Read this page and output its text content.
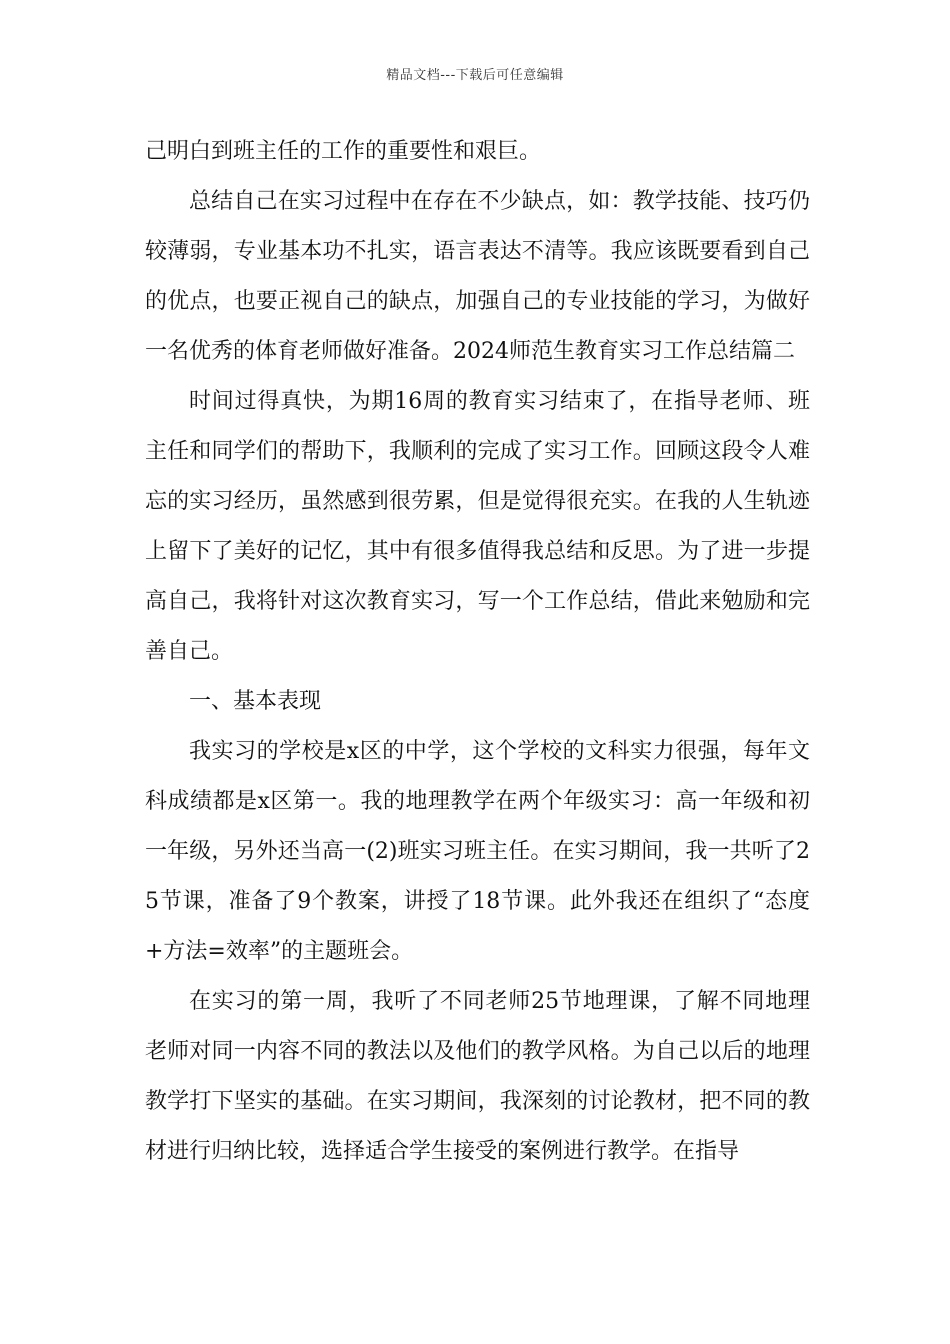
精品文档---下载后可任意编辑

己明白到班主任的工作的重要性和艰巨。

总结自己在实习过程中在存在不少缺点，如：教学技能、技巧仍较薄弱，专业基本功不扎实，语言表达不清等。我应该既要看到自己的优点，也要正视自己的缺点，加强自己的专业技能的学习，为做好一名优秀的体育老师做好准备。2024师范生教育实习工作总结篇二

时间过得真快，为期16周的教育实习结束了，在指导老师、班主任和同学们的帮助下，我顺利的完成了实习工作。回顾这段令人难忘的实习经历，虽然感到很劳累，但是觉得很充实。在我的人生轨迹上留下了美好的记忆，其中有很多值得我总结和反思。为了进一步提高自己，我将针对这次教育实习，写一个工作总结，借此来勉励和完善自己。

一、基本表现

我实习的学校是x区的中学，这个学校的文科实力很强，每年文科成绩都是x区第一。我的地理教学在两个年级实习：高一年级和初一年级，另外还当高一(2)班实习班主任。在实习期间，我一共听了25节课，准备了9个教案，讲授了18节课。此外我还在组织了“态度+方法=效率”的主题班会。

在实习的第一周，我听了不同老师25节地理课，了解不同地理老师对同一内容不同的教法以及他们的教学风格。为自己以后的地理教学打下坚实的基础。在实习期间，我深刻的讨论教材，把不同的教材进行归纳比较，选择适合学生接受的案例进行教学。在指导
